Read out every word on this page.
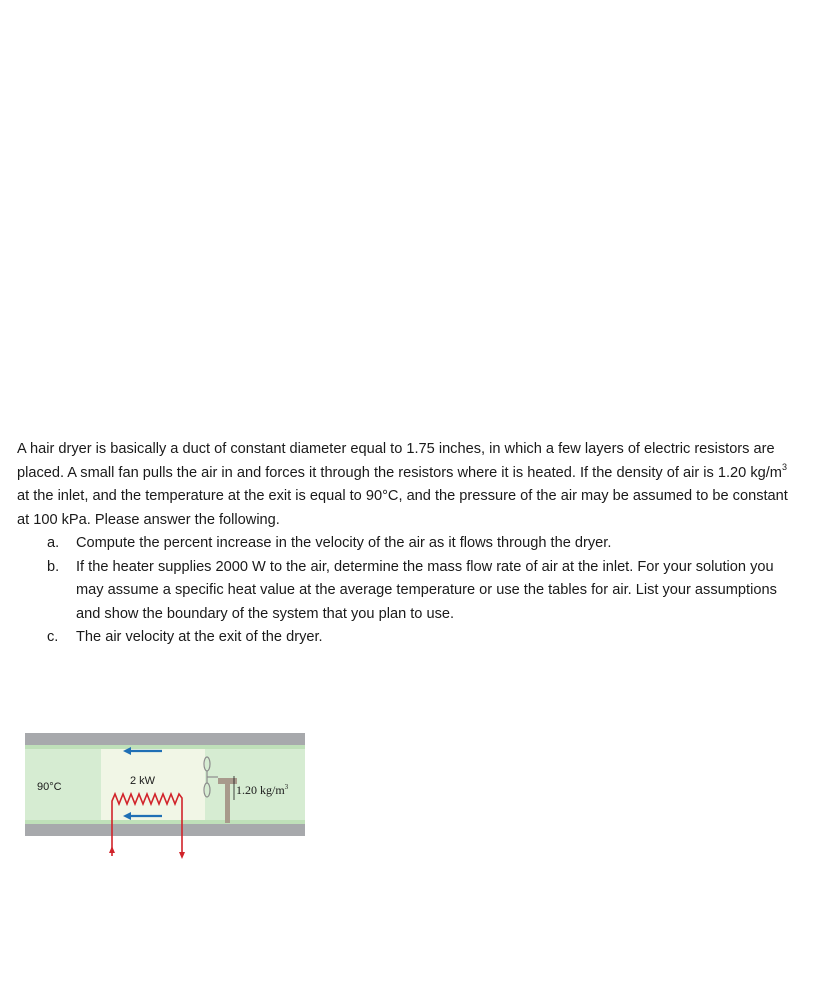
A hair dryer is basically a duct of constant diameter equal to 1.75 inches, in which a few layers of electric resistors are placed. A small fan pulls the air in and forces it through the resistors where it is heated. If the density of air is 1.20 $kg/m^3$ at the inlet, and the temperature at the exit is equal to 90°C, and the pressure of the air may be assumed to be constant at 100 kPa. Please answer the following.

a. Compute the percent increase in the velocity of the air as it flows through the dryer.
b. If the heater supplies 2000 W to the air, determine the mass flow rate of air at the inlet. For your solution you may assume a specific heat value at the average temperature or use the tables for air. List your assumptions and show the boundary of the system that you plan to use.
c. The air velocity at the exit of the dryer.
90°C	2 kW
1.20 $kg/m^3$
